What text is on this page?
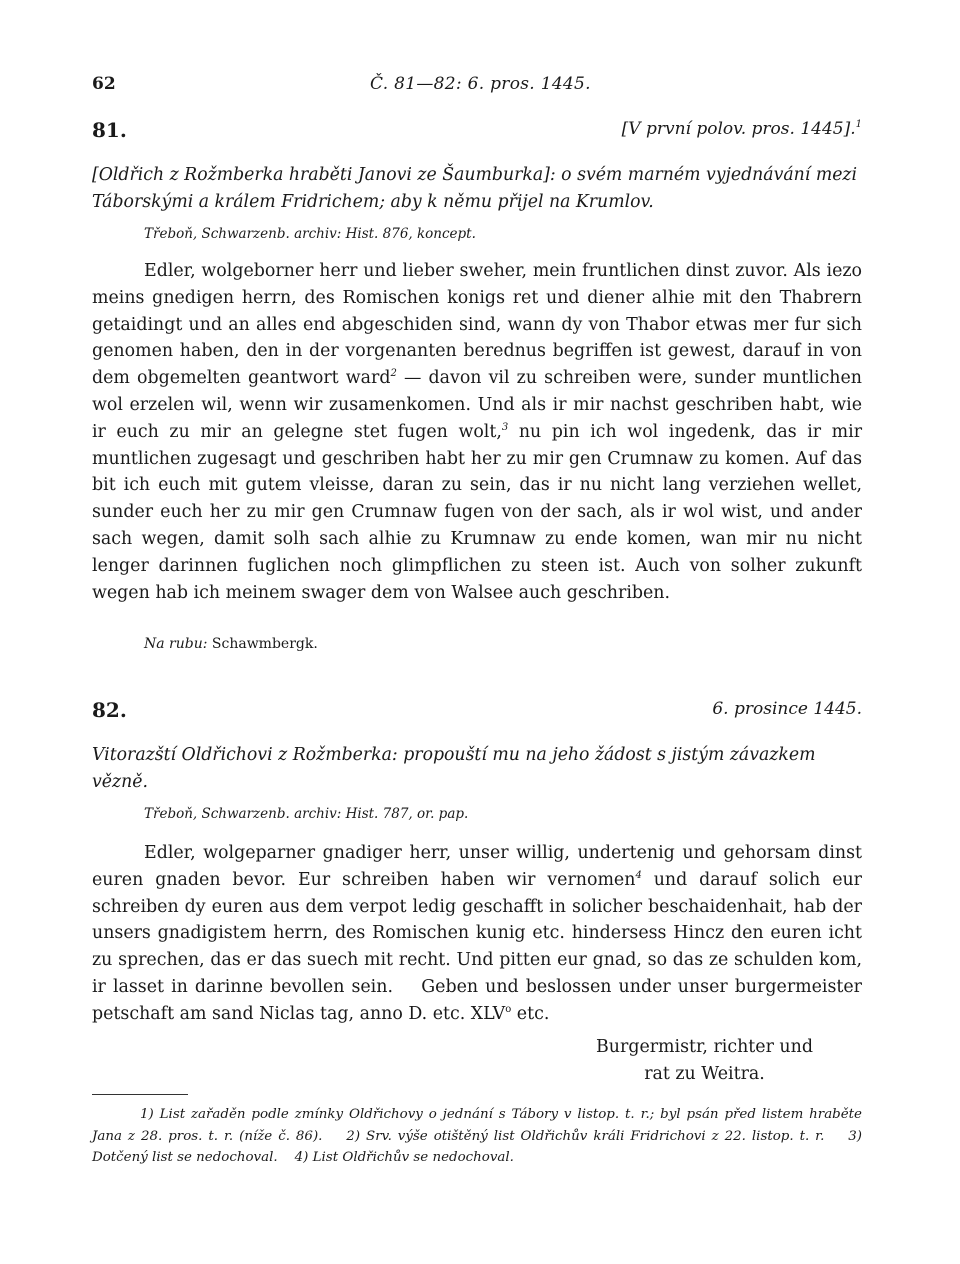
62	Č. 81—82: 6. pros. 1445.
81.	[V první polov. pros. 1445].$^1$
[Oldřich z Rožmberka hraběti Janovi ze Šaumburka]: o svém marném vyjednávání mezi Táborskými a králem Fridrichem; aby k němu přijel na Krumlov.
Třeboň, Schwarzenb. archiv: Hist. 876, koncept.

Edler, wolgeborner herr und lieber sweher, mein fruntlichen dinst zuvor. Als iezo meins gnedigen herrn, des Romischen konigs ret und diener alhie mit den Thabrern getaidingt und an alles end abgeschiden sind, wann dy von Thabor etwas mer fur sich genomen haben, den in der vorgenanten berednus begriffen ist gewest, darauf in von dem obgemelten geantwort ward$^2$ — davon vil zu schreiben were, sunder muntlichen wol erzelen wil, wenn wir zusamenkomen. Und als ir mir nachst geschriben habt, wie ir euch zu mir an gelegne stet fugen wolt,$^3$ nu pin ich wol ingedenk, das ir mir muntlichen zugesagt und geschriben habt her zu mir gen Crumnaw zu komen. Auf das bit ich euch mit gutem vleisse, daran zu sein, das ir nu nicht lang verziehen wellet, sunder euch her zu mir gen Crumnaw fugen von der sach, als ir wol wist, und ander sach wegen, damit solh sach alhie zu Krumnaw zu ende komen, wan mir nu nicht lenger darinnen fuglichen noch glimpflichen zu steen ist. Auch von solher zukunft wegen hab ich meinem swager dem von Walsee auch geschriben.

Na rubu: Schawmbergk.
82.	6. prosince 1445.
Vitorazští Oldřichovi z Rožmberka: propouští mu na jeho žádost s jistým závazkem vězně.
Třeboň, Schwarzenb. archiv: Hist. 787, or. pap.

Edler, wolgeparner gnadiger herr, unser willig, undertenig und gehorsam dinst euren gnaden bevor. Eur schreiben haben wir vernomen$^4$ und darauf solich eur schreiben dy euren aus dem verpot ledig geschafft in solicher beschaidenhait, hab der unsers gnadigistem herrn, des Romischen kunig etc. hindersess Hincz den euren icht zu sprechen, das er das suech mit recht. Und pitten eur gnad, so das ze schulden kom, ir lasset in darinne bevollen sein.    Geben und beslossen under unser burgermeister petschaft am sand Niclas tag, anno D. etc. XLV$^o$ etc.

Burgermistr, richter und
rat zu Weitra.

1) List zařaděn podle zmínky Oldřichovy o jednání s Tábory v listop. t. r.; byl psán před listem hraběte Jana z 28. pros. t. r. (níže č. 86).    2) Srv. výše otištěný list Oldřichův králi Fridrichovi z 22. listop. t. r.    3) Dotčený list se nedochoval.    4) List Oldřichův se nedochoval.
